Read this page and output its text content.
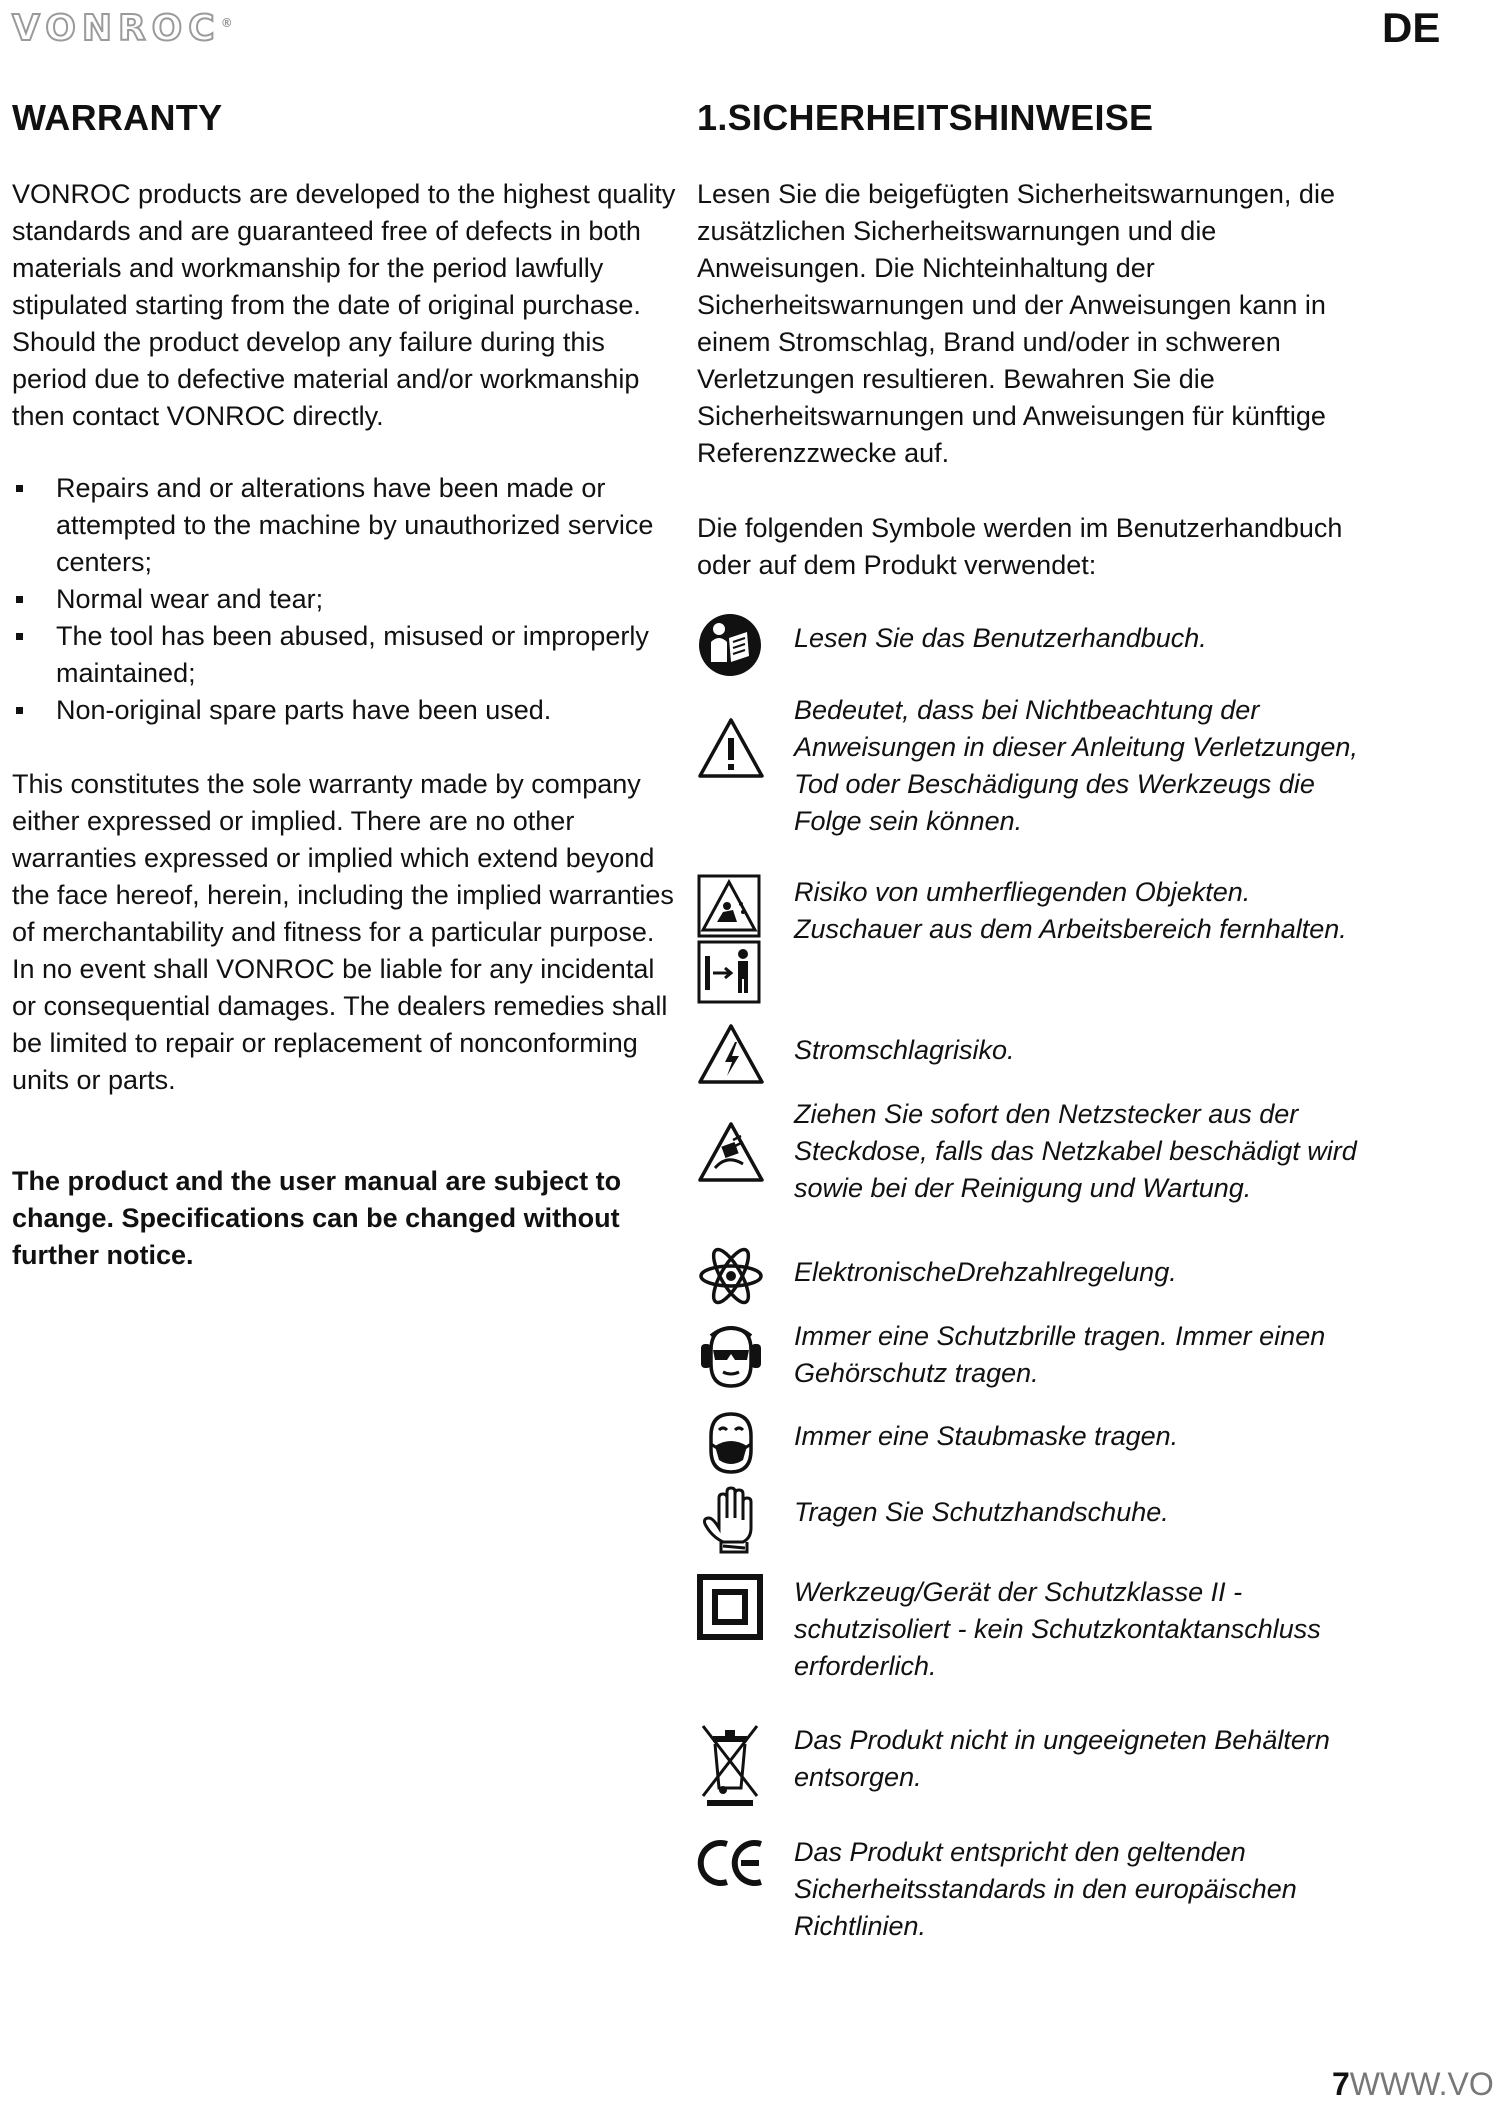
VONROC®	DE
WARRANTY

VONROC products are developed to the highest quality standards and are guaranteed free of defects in both materials and workmanship for the period lawfully stipulated starting from the date of original purchase. Should the product develop any failure during this period due to defective material and/or workmanship then contact VONROC directly.

Repairs and or alterations have been made or attempted to the machine by unauthorized service centers;
Normal wear and tear;
The tool has been abused, misused or improperly maintained;
Non-original spare parts have been used.

This constitutes the sole warranty made by company either expressed or implied. There are no other warranties expressed or implied which extend beyond the face hereof, herein, including the implied warranties of merchantability and fitness for a particular purpose. In no event shall VONROC be liable for any incidental or consequential damages. The dealers remedies shall be limited to repair or replacement of nonconforming units or parts.

The product and the user manual are subject to change. Specifications can be changed without further notice.

1.SICHERHEITSHINWEISE

Lesen Sie die beigefügten Sicherheitswarnungen, die zusätzlichen Sicherheitswarnungen und die Anweisungen. Die Nichteinhaltung der Sicherheitswarnungen und der Anweisungen kann in einem Stromschlag, Brand und/oder in schweren Verletzungen resultieren. Bewahren Sie die Sicherheitswarnungen und Anweisungen für künftige Referenzzwecke auf.

Die folgenden Symbole werden im Benutzerhandbuch oder auf dem Produkt verwendet:

Lesen Sie das Benutzerhandbuch.
Bedeutet, dass bei Nichtbeachtung der Anweisungen in dieser Anleitung Verletzungen, Tod oder Beschädigung des Werkzeugs die Folge sein können.
Risiko von umherfliegenden Objekten. Zuschauer aus dem Arbeitsbereich fernhalten.
Stromschlagrisiko.
Ziehen Sie sofort den Netzstecker aus der Steckdose, falls das Netzkabel beschädigt wird sowie bei der Reinigung und Wartung.
ElektronischeDrehzahlregelung.
Immer eine Schutzbrille tragen. Immer einen Gehörschutz tragen.
Immer eine Staubmaske tragen.
Tragen Sie Schutzhandschuhe.
Werkzeug/Gerät der Schutzklasse II - schutzisoliert - kein Schutzkontaktanschluss erforderlich.
Das Produkt nicht in ungeeigneten Behältern entsorgen.
Das Produkt entspricht den geltenden Sicherheitsstandards in den europäischen Richtlinien.
7WWW.VO
